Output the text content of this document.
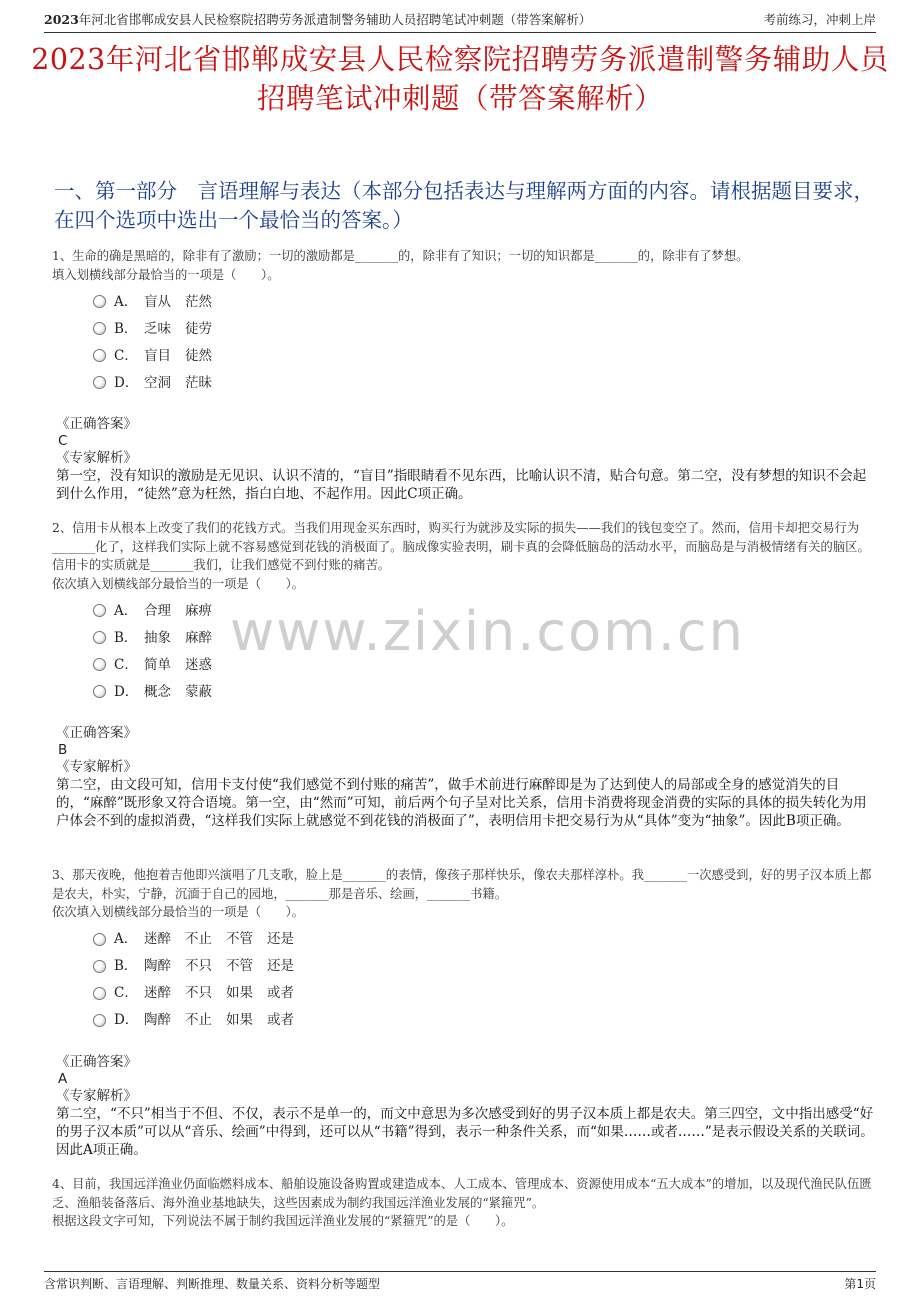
2023年河北省邯郸成安县人民检察院招聘劳务派遣制警务辅助人员招聘笔试冲刺题（带答案解析）	考前练习，冲刺上岸
2023年河北省邯郸成安县人民检察院招聘劳务派遣制警务辅助人员招聘笔试冲刺题（带答案解析）
一、第一部分　言语理解与表达（本部分包括表达与理解两方面的内容。请根据题目要求，在四个选项中选出一个最恰当的答案。）
www.zixin.com.cn
1、生命的确是黑暗的，除非有了激励；一切的激励都是_______的，除非有了知识；一切的知识都是_______的，除非有了梦想。
填入划横线部分最恰当的一项是（　　）。
A． 盲从 茫然
B． 乏味 徒劳
C． 盲目 徒然
D． 空洞 茫昧
《正确答案》
C
《专家解析》
第一空，没有知识的激励是无见识、认识不清的，“盲目”指眼睛看不见东西，比喻认识不清，贴合句意。第二空，没有梦想的知识不会起到什么作用，“徒然”意为枉然，指白白地、不起作用。因此C项正确。
2、信用卡从根本上改变了我们的花钱方式。当我们用现金买东西时，购买行为就涉及实际的损失——我们的钱包变空了。然而，信用卡却把交易行为_______化了，这样我们实际上就不容易感觉到花钱的消极面了。脑成像实验表明，刷卡真的会降低脑岛的活动水平，而脑岛是与消极情绪有关的脑区。信用卡的实质就是_______我们，让我们感觉不到付账的痛苦。
依次填入划横线部分最恰当的一项是（　　）。
A． 合理 麻痹
B． 抽象 麻醉
C． 简单 迷惑
D． 概念 蒙蔽
《正确答案》
B
《专家解析》
第二空，由文段可知，信用卡支付使“我们感觉不到付账的痛苦”，做手术前进行麻醉即是为了达到使人的局部或全身的感觉消失的目的，“麻醉”既形象又符合语境。第一空，由“然而”可知，前后两个句子呈对比关系，信用卡消费将现金消费的实际的具体的损失转化为用户体会不到的虚拟消费，“这样我们实际上就感觉不到花钱的消极面了”，表明信用卡把交易行为从“具体”变为“抽象”。因此B项正确。
3、那天夜晚，他抱着吉他即兴演唱了几支歌，脸上是_______的表情，像孩子那样快乐，像农夫那样淳朴。我_______一次感受到，好的男子汉本质上都是农夫，朴实，宁静，沉湎于自己的园地，_______那是音乐、绘画，_______书籍。
依次填入划横线部分最恰当的一项是（　　）。
A． 迷醉 不止 不管 还是
B． 陶醉 不只 不管 还是
C． 迷醉 不只 如果 或者
D． 陶醉 不止 如果 或者
《正确答案》
A
《专家解析》
第二空，“不只”相当于不但、不仅，表示不是单一的，而文中意思为多次感受到好的男子汉本质上都是农夫。第三四空，文中指出感受“好的男子汉本质”可以从“音乐、绘画”中得到，还可以从“书籍”得到，表示一种条件关系，而“如果……或者……”是表示假设关系的关联词。因此A项正确。
4、目前，我国远洋渔业仍面临燃料成本、船舶设施设备购置或建造成本、人工成本、管理成本、资源使用成本“五大成本”的增加，以及现代渔民队伍匮乏、渔船装备落后、海外渔业基地缺失，这些因素成为制约我国远洋渔业发展的“紧箍咒”。
根据这段文字可知，下列说法不属于制约我国远洋渔业发展的“紧箍咒”的是（　　）。
含常识判断、言语理解、判断推理、数量关系、资料分析等题型	第1页
